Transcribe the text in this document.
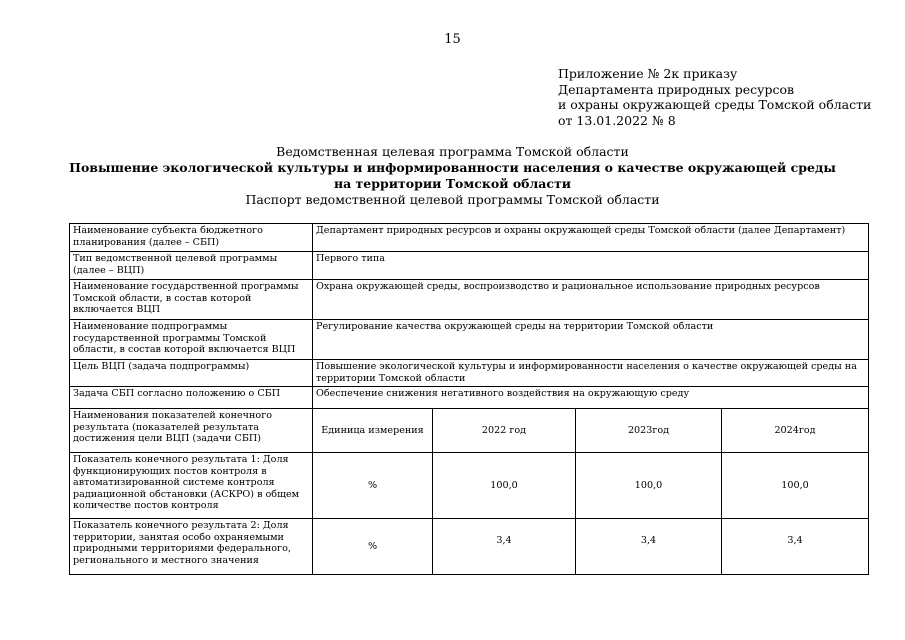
15
Приложение № 2к приказу
Департамента природных ресурсов
и охраны окружающей среды Томской области
от 13.01.2022 № 8
Ведомственная целевая программа Томской области
Повышение экологической культуры и информированности населения о качестве окружающей среды
на территории Томской области
Паспорт ведомственной целевой программы Томской области
Наименование субъекта бюджетного планирования (далее – СБП)	Департамент природных ресурсов и охраны окружающей среды Томской области (далее Департамент)			
Тип ведомственной целевой программы (далее – ВЦП)	Первого типа			
Наименование государственной программы Томской области, в состав которой включается ВЦП	Охрана окружающей среды, воспроизводство и рациональное использование природных ресурсов			
Наименование подпрограммы государственной программы Томской области, в состав которой включается ВЦП	Регулирование качества окружающей среды на территории Томской области			
Цель ВЦП (задача подпрограммы)	Повышение экологической культуры и информированности населения о качестве окружающей среды на территории Томской области			
Задача СБП согласно положению о СБП	Обеспечение снижения негативного воздействия на окружающую среду			
Наименования показателей конечного результата (показателей результата достижения цели ВЦП (задачи СБП)	Единица измерения	2022 год	2023год	2024год
Показатель конечного результата 1: Доля функционирующих постов контроля в автоматизированной системе контроля радиационной обстановки (АСКРО) в общем количестве постов контроля	%	100,0	100,0	100,0
Показатель конечного результата 2: Доля территории, занятая особо охраняемыми природными территориями федерального, регионального и местного значения	%	3,4	3,4	3,4
